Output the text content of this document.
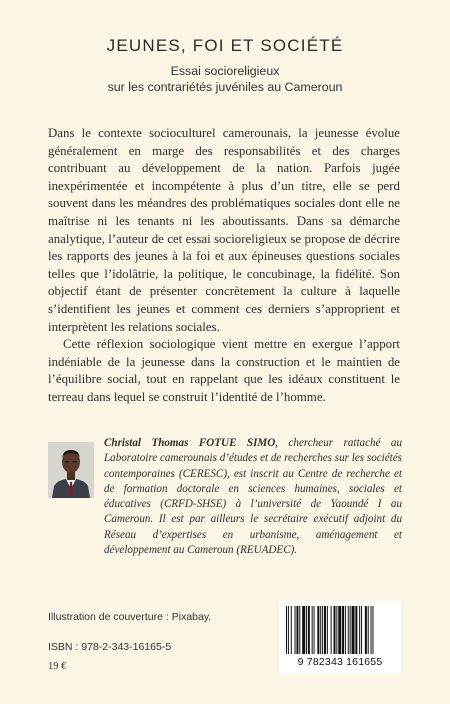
JEUNES, FOI ET SOCIÉTÉ
Essai socioreligieux
sur les contrariétés juvéniles au Cameroun

Dans le contexte socioculturel camerounais, la jeunesse évolue généralement en marge des responsabilités et des charges contribuant au développement de la nation. Parfois jugée inexpérimentée et incompétente à plus d’un titre, elle se perd souvent dans les méandres des problématiques sociales dont elle ne maîtrise ni les tenants ni les aboutissants. Dans sa démarche analytique, l’auteur de cet essai socioreligieux se propose de décrire les rapports des jeunes à la foi et aux épineuses questions sociales telles que l’idolâtrie, la politique, le concubinage, la fidélité. Son objectif étant de présenter concrètement la culture à laquelle s’identifient les jeunes et comment ces derniers s’approprient et interprètent les relations sociales.

Cette réflexion sociologique vient mettre en exergue l’apport indéniable de la jeunesse dans la construction et le maintien de l’équilibre social, tout en rappelant que les idéaux constituent le terreau dans lequel se construit l’identité de l’homme.

Christal Thomas FOTUE SIMO, chercheur rattaché au Laboratoire camerounais d’études et de recherches sur les sociétés contemporaines (CERESC), est inscrit au Centre de recherche et de formation doctorale en sciences humaines, sociales et éducatives (CRFD-SHSE) à l’université de Yaoundé I au Cameroun. Il est par ailleurs le secrétaire exécutif adjoint du Réseau d’expertises en urbanisme, aménagement et développement au Cameroun (REUADEC).
Illustration de couverture : Pixabay.
ISBN : 978-2-343-16165-5
19 €	9 782343 161655
